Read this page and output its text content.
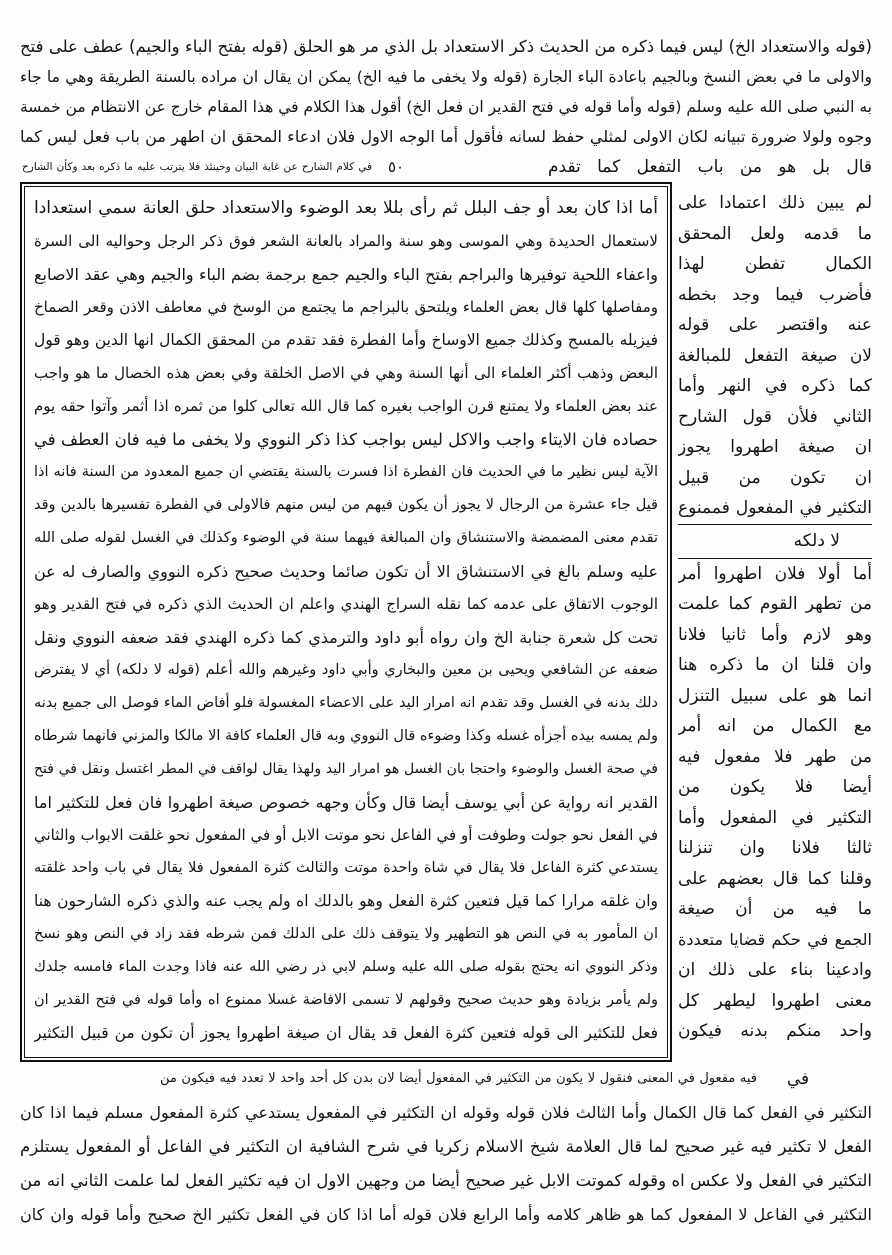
(قوله والاستعداد الخ) ليس فيما ذكره من الحديث ذكر الاستعداد بل الذي مر هو الحلق (قوله بفتح الباء والجيم) عطف على فتح
والاولى ما في بعض النسخ وبالجيم باعادة الباء الجارة (قوله ولا يخفى ما فيه الخ) يمكن ان يقال ان مراده بالسنة الطريقة وهي ما جاء
به النبي صلى الله عليه وسلم (قوله وأما قوله في فتح القدير ان فعل الخ) أقول هذا الكلام في هذا المقام خارج عن الانتظام من خمسة
وجوه ولولا ضرورة تبيانه لكان الاولى لمثلي حفظ لسانه فأقول أما الوجه الاول فلان ادعاء المحقق ان اطهر من باب فعل ليس كما
قال بل هو من باب التفعل كما تقدم
٥٠
في كلام الشارح عن غاية البيان وحينئذ فلا يترتب عليه ما ذكره بعد وكأن الشارح
أما اذا كان بعد أو جف البلل ثم رأى بللا بعد الوضوء والاستعداد حلق العانة سمي استعدادا
لاستعمال الحديدة وهي الموسى وهو سنة والمراد بالعانة الشعر فوق ذكر الرجل وحواليه الى السرة
واعفاء اللحية توفيرها والبراجم بفتح الباء والجيم جمع برجمة بضم الباء والجيم وهي عقد الاصابع
ومفاصلها كلها قال بعض العلماء ويلتحق بالبراجم ما يجتمع من الوسخ في معاطف الاذن وقعر الصماخ
فيزيله بالمسح وكذلك جميع الاوساخ وأما الفطرة فقد تقدم من المحقق الكمال انها الدين وهو قول
البعض وذهب أكثر العلماء الى أنها السنة وهي في الاصل الخلقة وفي بعض هذه الخصال ما هو واجب
عند بعض العلماء ولا يمتنع قرن الواجب بغيره كما قال الله تعالى كلوا من ثمره اذا أثمر وآتوا حقه يوم
حصاده فان الايتاء واجب والاكل ليس بواجب كذا ذكر النووي ولا يخفى ما فيه فان العطف في
الآية ليس نظير ما في الحديث فان الفطرة اذا فسرت بالسنة يقتضي ان جميع المعدود من السنة فانه اذا
قيل جاء عشرة من الرجال لا يجوز أن يكون فيهم من ليس منهم فالاولى في الفطرة تفسيرها بالدين وقد
تقدم معنى المضمضة والاستنشاق وان المبالغة فيهما سنة في الوضوء وكذلك في الغسل لقوله صلى الله
عليه وسلم بالغ في الاستنشاق الا أن تكون صائما وحديث صحيح ذكره النووي والصارف له عن
الوجوب الاتفاق على عدمه كما نقله السراج الهندي واعلم ان الحديث الذي ذكره في فتح القدير وهو
تحت كل شعرة جنابة الخ وان رواه أبو داود والترمذي كما ذكره الهندي فقد ضعفه النووي ونقل
ضعفه عن الشافعي ويحيى بن معين والبخاري وأبي داود وغيرهم والله أعلم (قوله لا دلكه) أي لا يفترض
دلك بدنه في الغسل وقد تقدم انه امرار اليد على الاعضاء المغسولة فلو أفاض الماء فوصل الى جميع بدنه
ولم يمسه بيده أجزأه غسله وكذا وضوءه قال النووي وبه قال العلماء كافة الا مالكا والمزني فانهما شرطاه
في صحة الغسل والوضوء واحتجا بان الغسل هو امرار اليد ولهذا يقال لواقف في المطر اغتسل ونقل في فتح
القدير انه رواية عن أبي يوسف أيضا قال وكأن وجهه خصوص صيغة اطهروا فان فعل للتكثير اما
في الفعل نحو جولت وطوفت أو في الفاعل نحو موتت الابل أو في المفعول نحو غلقت الابواب والثاني
يستدعي كثرة الفاعل فلا يقال في شاة واحدة موتت والثالث كثرة المفعول فلا يقال في باب واحد غلقته
وان غلقه مرارا كما قيل فتعين كثرة الفعل وهو بالدلك اه ولم يجب عنه والذي ذكره الشارحون هنا
ان المأمور به في النص هو التطهير ولا يتوقف ذلك على الدلك فمن شرطه فقد زاد في النص وهو نسخ
وذكر النووي انه يحتج بقوله صلى الله عليه وسلم لابي ذر رضي الله عنه فاذا وجدت الماء فامسه جلدك
ولم يأمر بزيادة وهو حديث صحيح وقولهم لا تسمى الافاضة غسلا ممنوع اه وأما قوله في فتح القدير ان
فعل للتكثير الى قوله فتعين كثرة الفعل قد يقال ان صيغة اطهروا يجوز أن تكون من قبيل التكثير
لم يبين ذلك اعتمادا على
ما قدمه ولعل المحقق
الكمال تفطن لهذا
فأضرب فيما وجد بخطه
عنه واقتصر على قوله
لان صيغة التفعل للمبالغة
كما ذكره في النهر وأما
الثاني فلأن قول الشارح
ان صيغة اطهروا يجوز
ان تكون من قبيل
التكثير في المفعول فممنوع
لا دلكه
أما أولا فلان اطهروا أمر
من تطهر القوم كما علمت
وهو لازم وأما ثانيا فلانا
وان قلنا ان ما ذكره هنا
انما هو على سبيل التنزل
مع الكمال من انه أمر
من طهر فلا مفعول فيه
أيضا فلا يكون من
التكثير في المفعول وأما
ثالثا فلانا وان تنزلنا
وقلنا كما قال بعضهم على
ما فيه من أن صيغة
الجمع في حكم قضايا متعددة
وادعينا بناء على ذلك ان
معنى اطهروا ليطهر كل
واحد منكم بدنه فيكون
في
فيه مفعول في المعنى فنقول لا يكون من التكثير في المفعول أيضا لان بدن كل أحد واحد لا تعدد فيه فيكون من
التكثير في الفعل كما قال الكمال وأما الثالث فلان قوله وقوله ان التكثير في المفعول يستدعي كثرة المفعول مسلم فيما اذا كان
الفعل لا تكثير فيه غير صحيح لما قال العلامة شيخ الاسلام زكريا في شرح الشافية ان التكثير في الفاعل أو المفعول يستلزم
التكثير في الفعل ولا عكس اه وقوله كموتت الابل غير صحيح أيضا من وجهين الاول ان فيه تكثير الفعل لما علمت الثاني انه من
التكثير في الفاعل لا المفعول كما هو ظاهر كلامه وأما الرابع فلان قوله أما اذا كان في الفعل تكثير الخ صحيح وأما قوله وان كان
